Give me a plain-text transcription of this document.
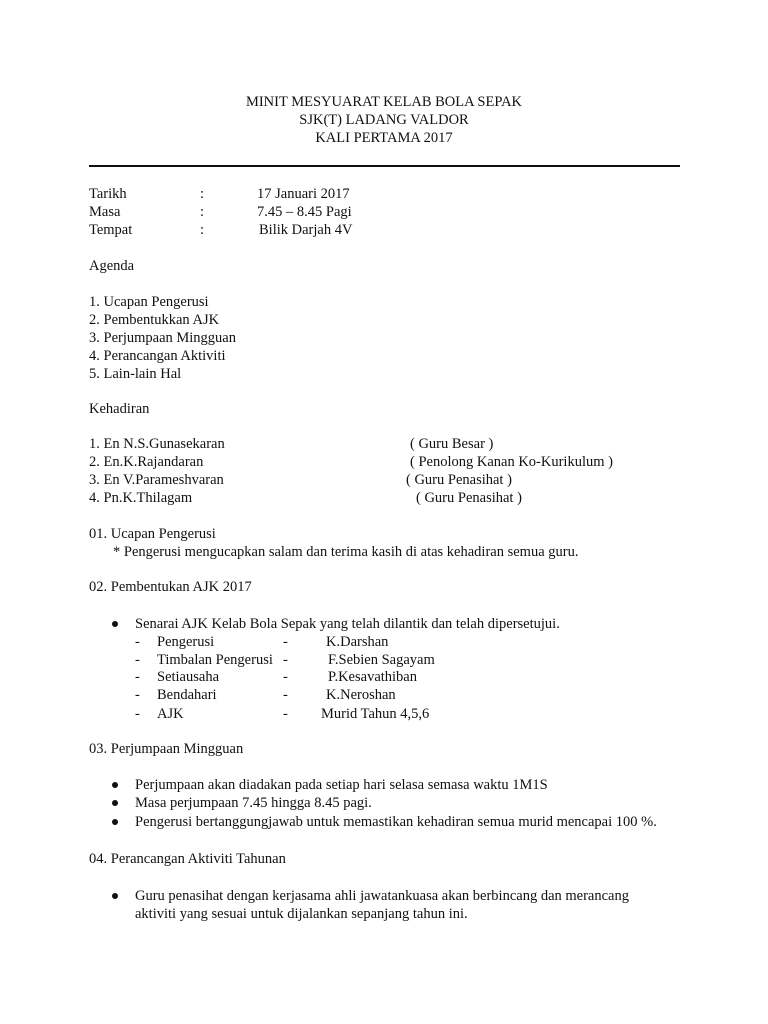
MINIT MESYUARAT KELAB BOLA SEPAK
SJK(T) LADANG VALDOR
KALI PERTAMA 2017
Tarikh	:	17 Januari 2017
Masa	:	7.45 – 8.45 Pagi
Tempat	:	Bilik Darjah 4V
Agenda
1. Ucapan Pengerusi
2. Pembentukkan AJK
3. Perjumpaan Mingguan
4. Perancangan Aktiviti
5. Lain-lain Hal
Kehadiran
1. En N.S.Gunasekaran	( Guru Besar )
2. En.K.Rajandaran	( Penolong Kanan Ko-Kurikulum )
3. En V.Parameshvaran	( Guru Penasihat )
4. Pn.K.Thilagam	( Guru Penasihat )
01. Ucapan Pengerusi
* Pengerusi mengucapkan salam dan terima kasih di atas kehadiran semua guru.
02. Pembentukan AJK 2017
Senarai AJK Kelab Bola Sepak yang telah dilantik dan telah dipersetujui.
- Pengerusi	-	K.Darshan
- Timbalan Pengerusi -	F.Sebien Sagayam
- Setiausaha	-	P.Kesavathiban
- Bendahari	-	K.Neroshan
- AJK	- Murid Tahun 4,5,6
03. Perjumpaan Mingguan
Perjumpaan akan diadakan pada setiap hari selasa semasa waktu 1M1S
Masa perjumpaan 7.45 hingga 8.45 pagi.
Pengerusi bertanggungjawab untuk memastikan kehadiran semua murid mencapai 100 %.
04. Perancangan Aktiviti Tahunan
Guru penasihat dengan kerjasama ahli jawatankuasa akan berbincang dan merancang
aktiviti yang sesuai untuk dijalankan sepanjang tahun ini.
